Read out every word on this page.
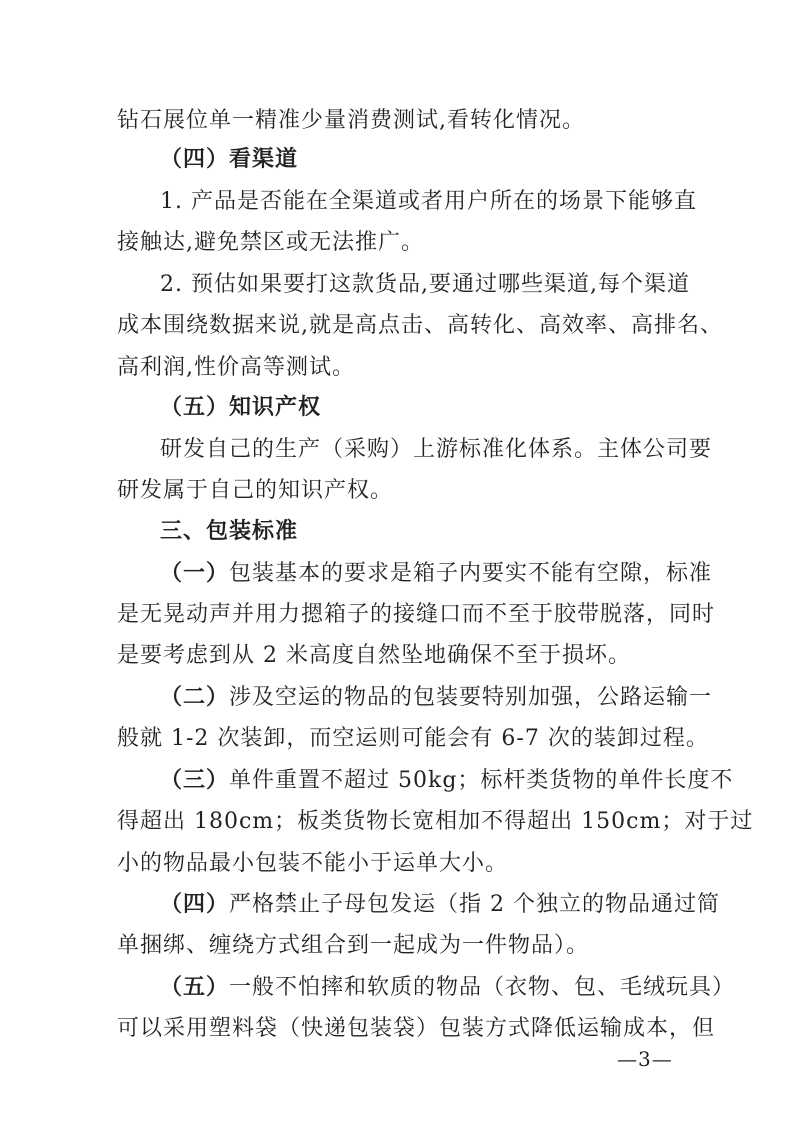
钻石展位单一精准少量消费测试,看转化情况。
（四）看渠道
1. 产品是否能在全渠道或者用户所在的场景下能够直
接触达,避免禁区或无法推广。
2. 预估如果要打这款货品,要通过哪些渠道,每个渠道
成本围绕数据来说,就是高点击、高转化、高效率、高排名、
高利润,性价高等测试。
（五）知识产权
研发自己的生产（采购）上游标准化体系。主体公司要
研发属于自己的知识产权。
三、包装标准
（一）包装基本的要求是箱子内要实不能有空隙，标准
是无晃动声并用力摁箱子的接缝口而不至于胶带脱落，同时
是要考虑到从 2 米高度自然坠地确保不至于损坏。
（二）涉及空运的物品的包装要特别加强，公路运输一
般就 1-2 次装卸，而空运则可能会有 6-7 次的装卸过程。
（三）单件重置不超过 50kg；标杆类货物的单件长度不
得超出 180cm；板类货物长宽相加不得超出 150cm；对于过
小的物品最小包装不能小于运单大小。
（四）严格禁止子母包发运（指 2 个独立的物品通过简
单捆绑、缠绕方式组合到一起成为一件物品）。
（五）一般不怕摔和软质的物品（衣物、包、毛绒玩具）
可以采用塑料袋（快递包装袋）包装方式降低运输成本，但
—3—
